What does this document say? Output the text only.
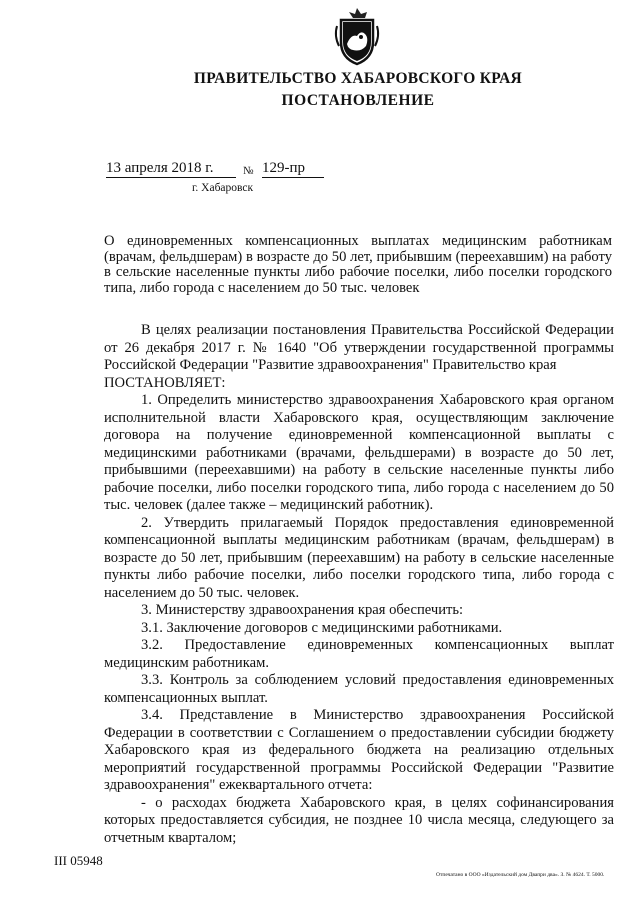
ПРАВИТЕЛЬСТВО ХАБАРОВСКОГО КРАЯ
ПОСТАНОВЛЕНИЕ
13 апреля 2018 г.	№ 129-пр
г. Хабаровск
О единовременных компенсационных выплатах медицинским работникам (врачам, фельдшерам) в возрасте до 50 лет, прибывшим (переехавшим) на работу в сельские населенные пункты либо рабочие поселки, либо поселки городского типа, либо города с населением до 50 тыс. человек

В целях реализации постановления Правительства Российской Федерации от 26 декабря 2017 г. № 1640 "Об утверждении государственной программы Российской Федерации "Развитие здравоохранения" Правительство края

ПОСТАНОВЛЯЕТ:

1. Определить министерство здравоохранения Хабаровского края органом исполнительной власти Хабаровского края, осуществляющим заключение договора на получение единовременной компенсационной выплаты с медицинскими работниками (врачами, фельдшерами) в возрасте до 50 лет, прибывшими (переехавшими) на работу в сельские населенные пункты либо рабочие поселки, либо поселки городского типа, либо города с населением до 50 тыс. человек (далее также – медицинский работник).

2. Утвердить прилагаемый Порядок предоставления единовременной компенсационной выплаты медицинским работникам (врачам, фельдшерам) в возрасте до 50 лет, прибывшим (переехавшим) на работу в сельские населенные пункты либо рабочие поселки, либо поселки городского типа, либо города с населением до 50 тыс. человек.

3. Министерству здравоохранения края обеспечить:

3.1. Заключение договоров с медицинскими работниками.

3.2. Предоставление единовременных компенсационных выплат медицинским работникам.

3.3. Контроль за соблюдением условий предоставления единовременных компенсационных выплат.

3.4. Представление в Министерство здравоохранения Российской Федерации в соответствии с Соглашением о предоставлении субсидии бюджету Хабаровского края из федерального бюджета на реализацию отдельных мероприятий государственной программы Российской Федерации "Развитие здравоохранения" ежеквартального отчета:

- о расходах бюджета Хабаровского края, в целях софинансирования которых предоставляется субсидия, не позднее 10 числа месяца, следующего за отчетным кварталом;

III 05948
Отпечатано в ООО «Издательский дом Двапри два». З. № 4624. Т. 5000.
